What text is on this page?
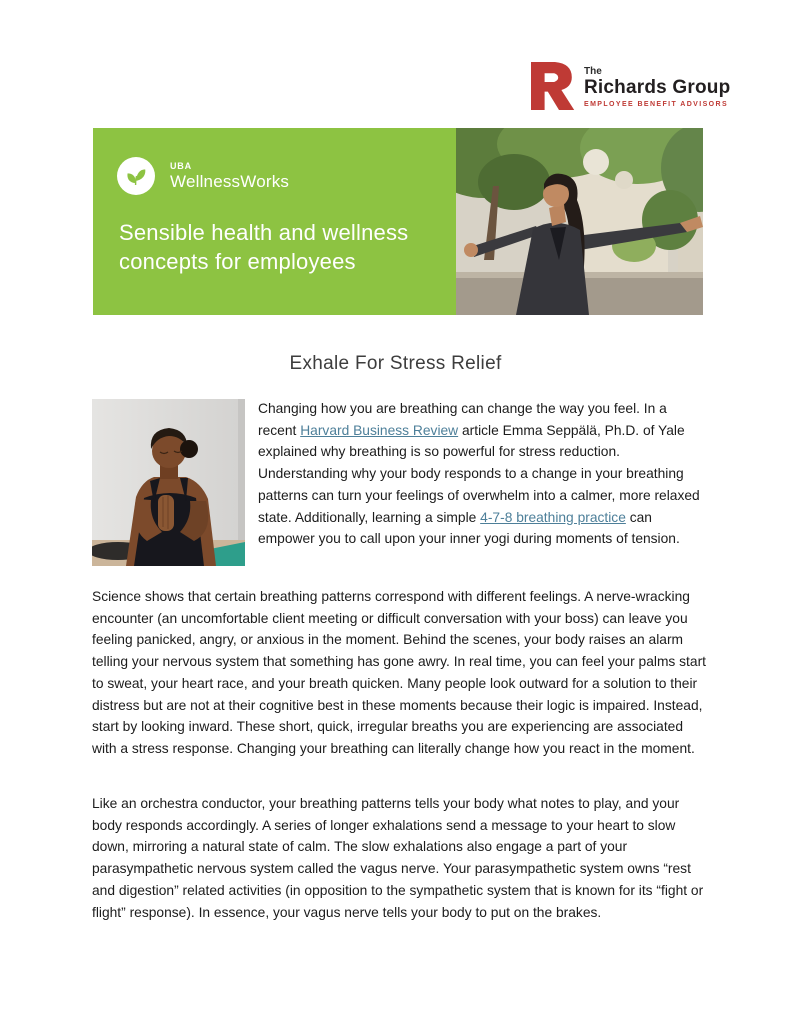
The
Richards Group
EMPLOYEE BENEFIT ADVISORS
UBA
WellnessWorks
Sensible health and wellness
concepts for employees
Exhale For Stress Relief

Changing how you are breathing can change the way you feel. In a recent Harvard Business Review article Emma Seppälä, Ph.D. of Yale explained why breathing is so powerful for stress reduction. Understanding why your body responds to a change in your breathing patterns can turn your feelings of overwhelm into a calmer, more relaxed state. Additionally, learning a simple 4-7-8 breathing practice can empower you to call upon your inner yogi during moments of tension.

Science shows that certain breathing patterns correspond with different feelings. A nerve-wracking encounter (an uncomfortable client meeting or difficult conversation with your boss) can leave you feeling panicked, angry, or anxious in the moment. Behind the scenes, your body raises an alarm telling your nervous system that something has gone awry. In real time, you can feel your palms start to sweat, your heart race, and your breath quicken. Many people look outward for a solution to their distress but are not at their cognitive best in these moments because their logic is impaired. Instead, start by looking inward. These short, quick, irregular breaths you are experiencing are associated with a stress response. Changing your breathing can literally change how you react in the moment.

Like an orchestra conductor, your breathing patterns tells your body what notes to play, and your body responds accordingly. A series of longer exhalations send a message to your heart to slow down, mirroring a natural state of calm. The slow exhalations also engage a part of your parasympathetic nervous system called the vagus nerve. Your parasympathetic system owns “rest and digestion” related activities (in opposition to the sympathetic system that is known for its “fight or flight” response). In essence, your vagus nerve tells your body to put on the brakes.
